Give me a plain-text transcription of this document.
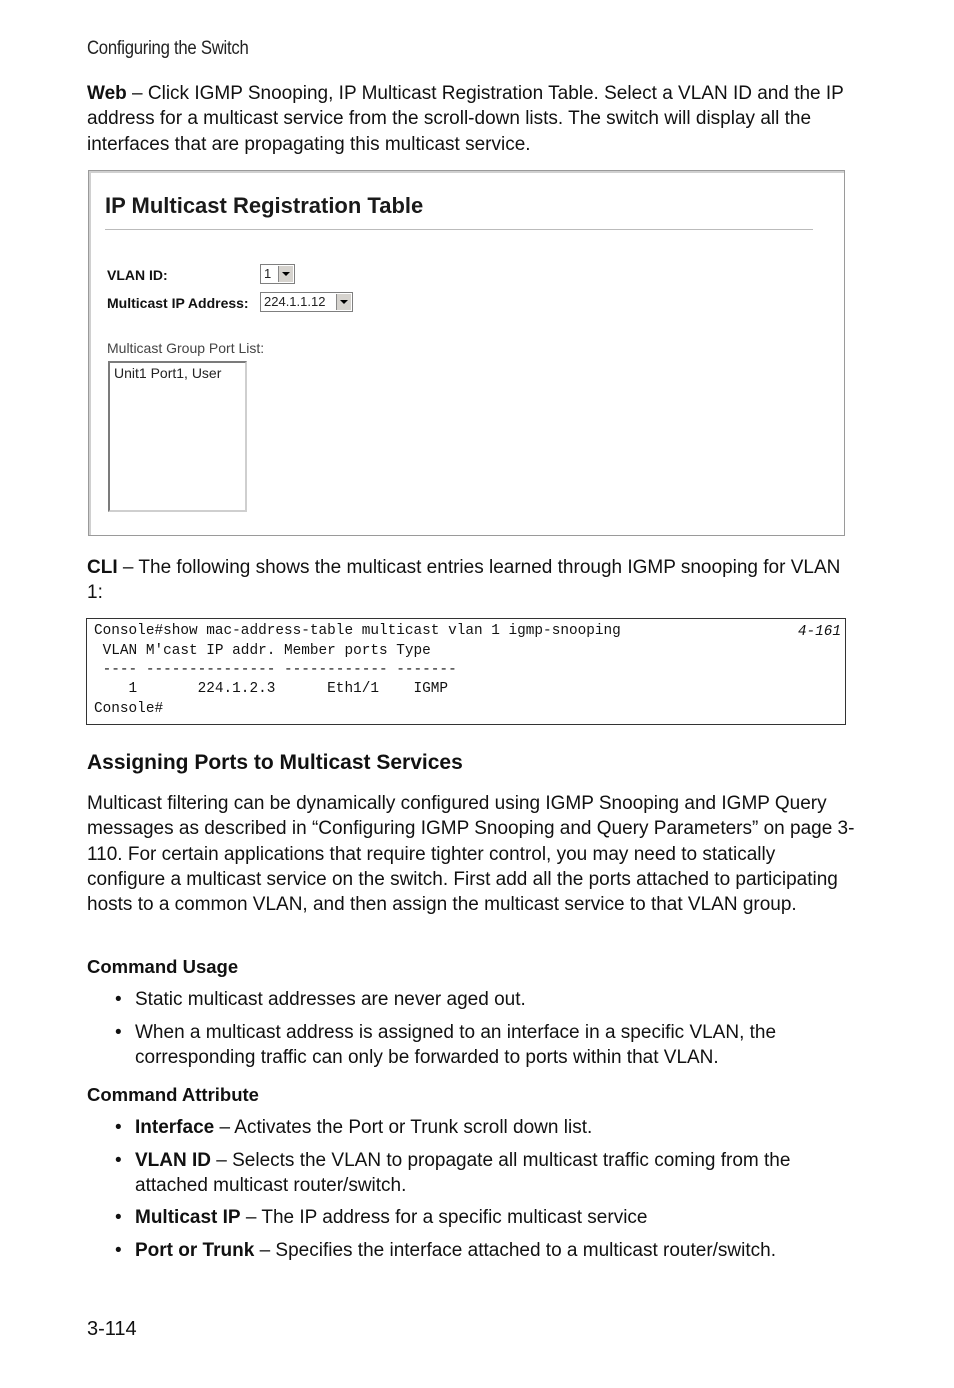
Configuring the Switch
Web – Click IGMP Snooping, IP Multicast Registration Table. Select a VLAN ID and the IP address for a multicast service from the scroll-down lists. The switch will display all the interfaces that are propagating this multicast service.
IP Multicast Registration Table
VLAN ID:	1
Multicast IP Address:	224.1.1.12
Multicast Group Port List:
Unit1 Port1, User
CLI – The following shows the multicast entries learned through IGMP snooping for VLAN 1:
Console#show mac-address-table multicast vlan 1 igmp-snooping
VLAN M'cast IP addr. Member ports Type
---- --------------- ------------ -------
1       224.1.2.3      Eth1/1    IGMP
Console#
4-161
Assigning Ports to Multicast Services
Multicast filtering can be dynamically configured using IGMP Snooping and IGMP Query messages as described in “Configuring IGMP Snooping and Query Parameters” on page 3-110. For certain applications that require tighter control, you may need to statically configure a multicast service on the switch. First add all the ports attached to participating hosts to a common VLAN, and then assign the multicast service to that VLAN group.
Command Usage
• Static multicast addresses are never aged out.
• When a multicast address is assigned to an interface in a specific VLAN, the corresponding traffic can only be forwarded to ports within that VLAN.
Command Attribute
• Interface – Activates the Port or Trunk scroll down list.
• VLAN ID – Selects the VLAN to propagate all multicast traffic coming from the attached multicast router/switch.
• Multicast IP – The IP address for a specific multicast service
• Port or Trunk – Specifies the interface attached to a multicast router/switch.
3-114
